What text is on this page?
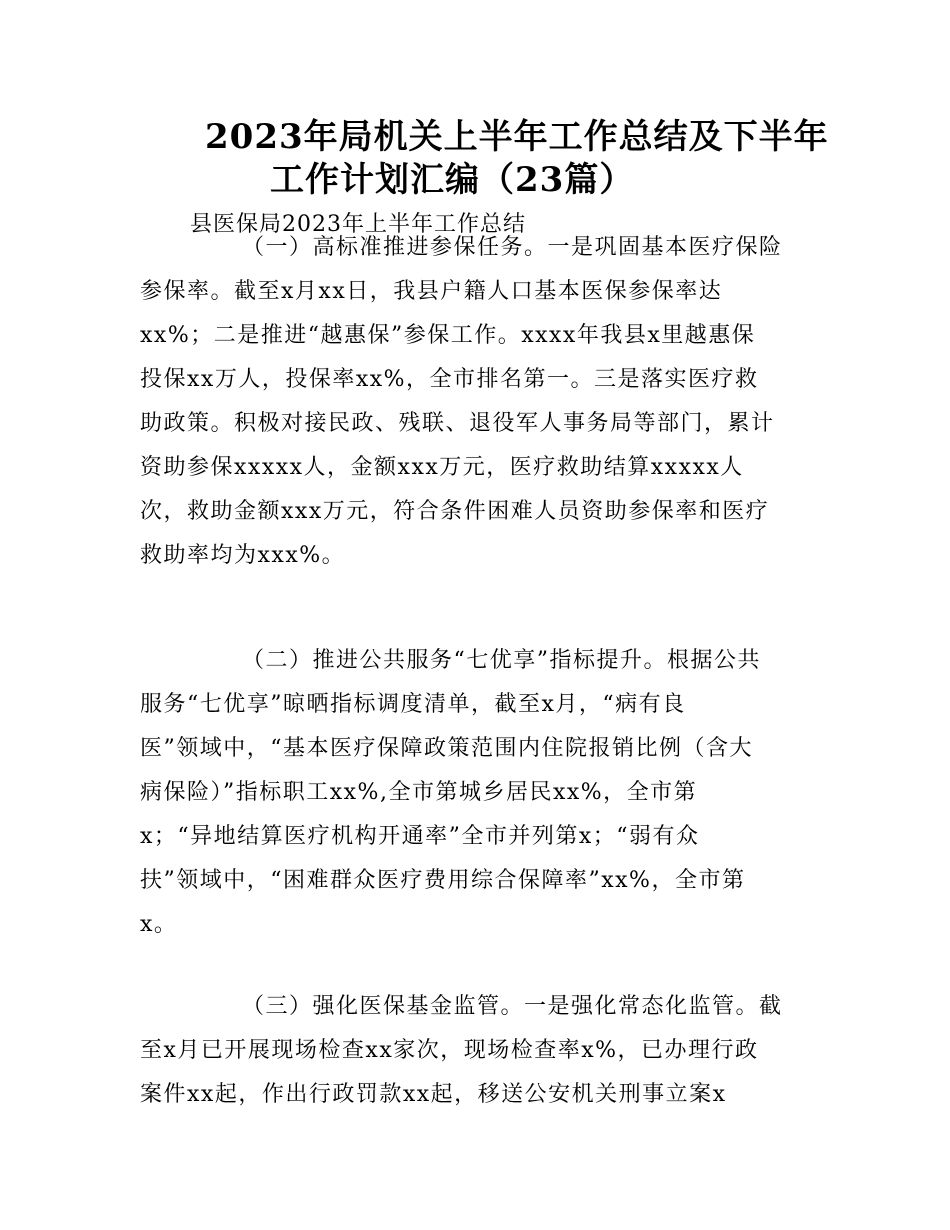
2023年局机关上半年工作总结及下半年
工作计划汇编（23篇）
县医保局2023年上半年工作总结
（一）高标准推进参保任务。一是巩固基本医疗保险
参保率。截至x月xx日，我县户籍人口基本医保参保率达
xx%；二是推进“越惠保”参保工作。xxxx年我县x里越惠保
投保xx万人，投保率xx%，全市排名第一。三是落实医疗救
助政策。积极对接民政、残联、退役军人事务局等部门，累计
资助参保xxxxx人，金额xxx万元，医疗救助结算xxxxx人
次，救助金额xxx万元，符合条件困难人员资助参保率和医疗
救助率均为xxx%。
（二）推进公共服务“七优享”指标提升。根据公共
服务“七优享”晾晒指标调度清单，截至x月，“病有良
医”领域中，“基本医疗保障政策范围内住院报销比例（含大
病保险）”指标职工xx%,全市第城乡居民xx%，全市第
x；“异地结算医疗机构开通率”全市并列第x；“弱有众
扶”领域中，“困难群众医疗费用综合保障率”xx%，全市第
x。
（三）强化医保基金监管。一是强化常态化监管。截
至x月已开展现场检查xx家次，现场检查率x%，已办理行政
案件xx起，作出行政罚款xx起，移送公安机关刑事立案x
